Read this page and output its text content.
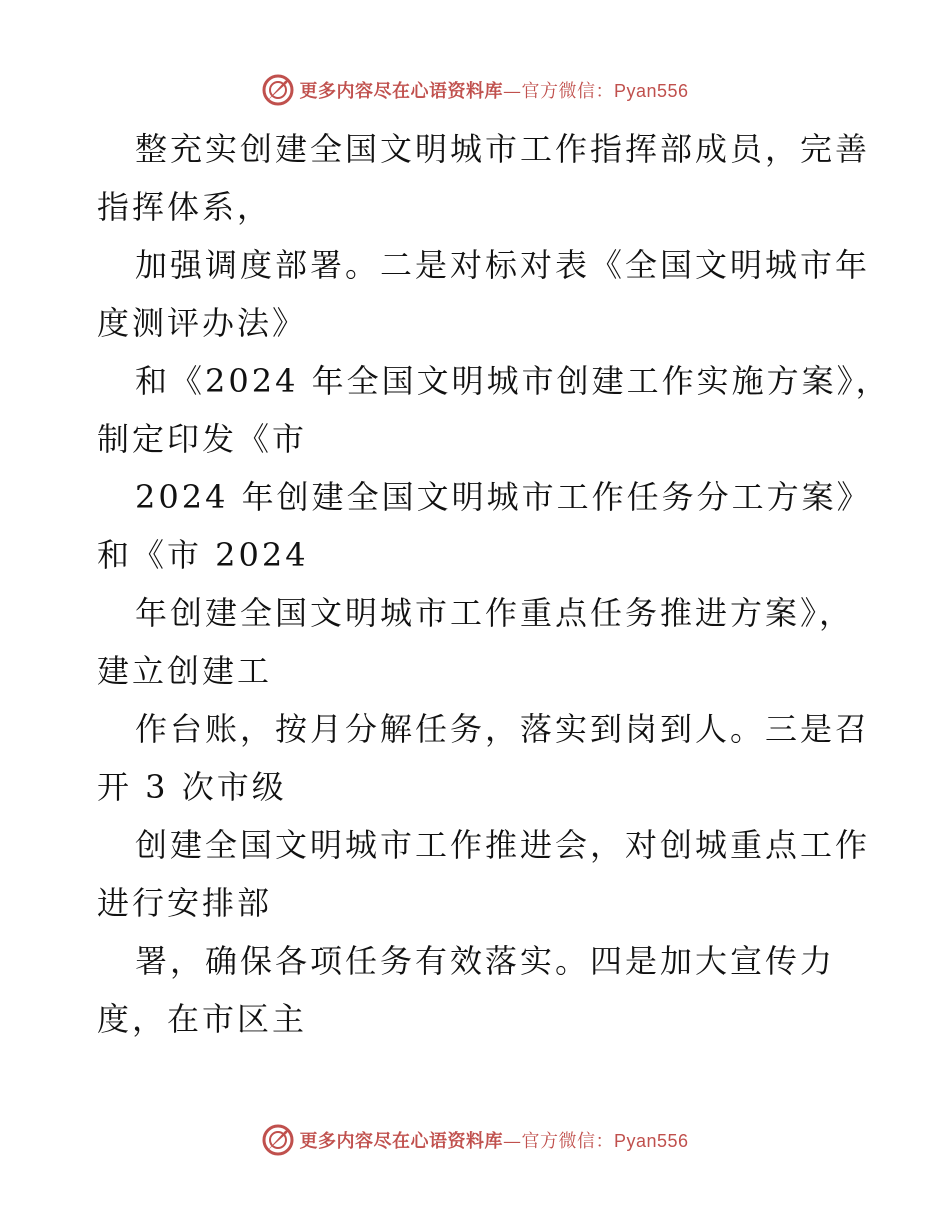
更多内容尽在心语资料库—官方微信：Pyan556
整充实创建全国文明城市工作指挥部成员，完善
指挥体系，
加强调度部署。二是对标对表《全国文明城市年
度测评办法》
和《2024 年全国文明城市创建工作实施方案》，
制定印发《市
2024 年创建全国文明城市工作任务分工方案》
和《市 2024
年创建全国文明城市工作重点任务推进方案》，
建立创建工
作台账，按月分解任务，落实到岗到人。三是召
开 3 次市级
创建全国文明城市工作推进会，对创城重点工作
进行安排部
署，确保各项任务有效落实。四是加大宣传力
度，在市区主
更多内容尽在心语资料库—官方微信：Pyan556
